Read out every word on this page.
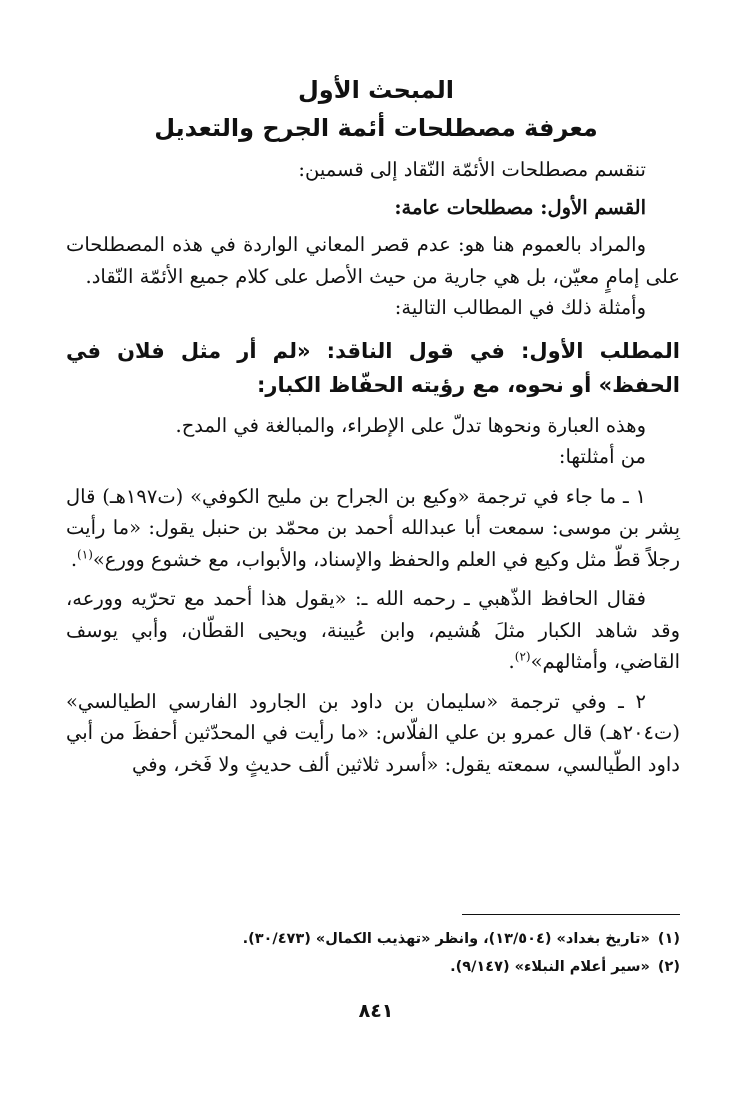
المبحث الأول
معرفة مصطلحات أئمة الجرح والتعديل

تنقسم مصطلحات الأئمّة النّقاد إلى قسمين:

القسم الأول: مصطلحات عامة:

والمراد بالعموم هنا هو: عدم قصر المعاني الواردة في هذه المصطلحات على إمامٍ معيّن، بل هي جارية من حيث الأصل على كلام جميع الأئمّة النّقاد.

وأمثلة ذلك في المطالب التالية:

المطلب الأول: في قول الناقد: «لم أر مثل فلان في الحفظ» أو نحوه، مع رؤيته الحفّاظ الكبار:

وهذه العبارة ونحوها تدلّ على الإطراء، والمبالغة في المدح.

من أمثلتها:

١ ـ ما جاء في ترجمة «وكيع بن الجراح بن مليح الكوفي» (ت١٩٧هـ) قال بِشر بن موسى: سمعت أبا عبدالله أحمد بن محمّد بن حنبل يقول: «ما رأيت رجلاً قطّ مثل وكيع في العلم والحفظ والإسناد، والأبواب، مع خشوع وورع»$^{(١)}$.

فقال الحافظ الذّهبي ـ رحمه الله ـ: «يقول هذا أحمد مع تحرّيه وورعه، وقد شاهد الكبار مثلَ هُشيم، وابن عُيينة، ويحيى القطّان، وأبي يوسف القاضي، وأمثالهم»$^{(٢)}$.

٢ ـ وفي ترجمة «سليمان بن داود بن الجارود الفارسي الطيالسي» (ت٢٠٤هـ) قال عمرو بن علي الفلّاس: «ما رأيت في المحدّثين أحفظَ من أبي داود الطّيالسي، سمعته يقول: «أسرد ثلاثين ألف حديثٍ ولا فَخر، وفي

(١)«تاريخ بغداد» (١٣/٥٠٤)، وانظر «تهذيب الكمال» (٣٠/٤٧٣).

(٢)«سير أعلام النبلاء» (٩/١٤٧).

٨٤١
